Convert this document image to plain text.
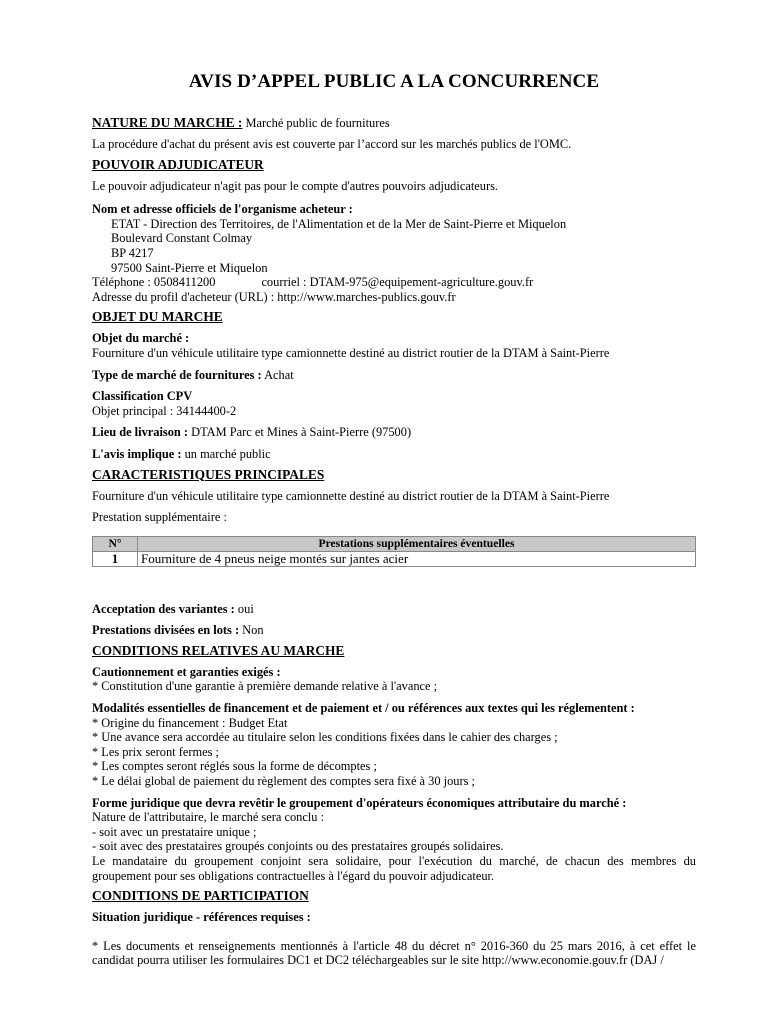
AVIS D’APPEL PUBLIC A LA CONCURRENCE

NATURE DU MARCHE : Marché public de fournitures

La procédure d'achat du présent avis est couverte par l’accord sur les marchés publics de l'OMC.

POUVOIR ADJUDICATEUR

Le pouvoir adjudicateur n'agit pas pour le compte d'autres pouvoirs adjudicateurs.

Nom et adresse officiels de l'organisme acheteur :

ETAT - Direction des Territoires, de l'Alimentation et de la Mer de Saint-Pierre et Miquelon

Boulevard Constant Colmay

BP 4217

97500 Saint-Pierre et Miquelon

Téléphone : 0508411200	courriel : DTAM-975@equipement-agriculture.gouv.fr

Adresse du profil d'acheteur (URL) : http://www.marches-publics.gouv.fr

OBJET DU MARCHE

Objet du marché :

Fourniture d'un véhicule utilitaire type camionnette destiné au district routier de la DTAM à Saint-Pierre

Type de marché de fournitures : Achat

Classification CPV

Objet principal : 34144400-2

Lieu de livraison : DTAM Parc et Mines à Saint-Pierre (97500)

L'avis implique : un marché public

CARACTERISTIQUES PRINCIPALES

Fourniture d'un véhicule utilitaire type camionnette destiné au district routier de la DTAM à Saint-Pierre

Prestation supplémentaire :

N°	Prestations supplémentaires éventuelles
1	Fourniture de 4 pneus neige montés sur jantes acier

Acceptation des variantes : oui

Prestations divisées en lots : Non

CONDITIONS RELATIVES AU MARCHE

Cautionnement et garanties exigés :

* Constitution d'une garantie à première demande relative à l'avance ;

Modalités essentielles de financement et de paiement et / ou références aux textes qui les réglementent :

* Origine du financement : Budget Etat

* Une avance sera accordée au titulaire selon les conditions fixées dans le cahier des charges ;

* Les prix seront fermes ;

* Les comptes seront réglés sous la forme de décomptes ;

* Le délai global de paiement du règlement des comptes sera fixé à 30 jours ;

Forme juridique que devra revêtir le groupement d'opérateurs économiques attributaire du marché :

Nature de l'attributaire, le marché sera conclu :

- soit avec un prestataire unique ;

- soit avec des prestataires groupés conjoints ou des prestataires groupés solidaires.

Le mandataire du groupement conjoint sera solidaire, pour l'exécution du marché, de chacun des membres du groupement pour ses obligations contractuelles à l'égard du pouvoir adjudicateur.

CONDITIONS DE PARTICIPATION

Situation juridique - références requises :

* Les documents et renseignements mentionnés à l'article 48 du décret n° 2016-360 du 25 mars 2016, à cet effet le candidat pourra utiliser les formulaires DC1 et DC2 téléchargeables sur le site http://www.economie.gouv.fr (DAJ /
